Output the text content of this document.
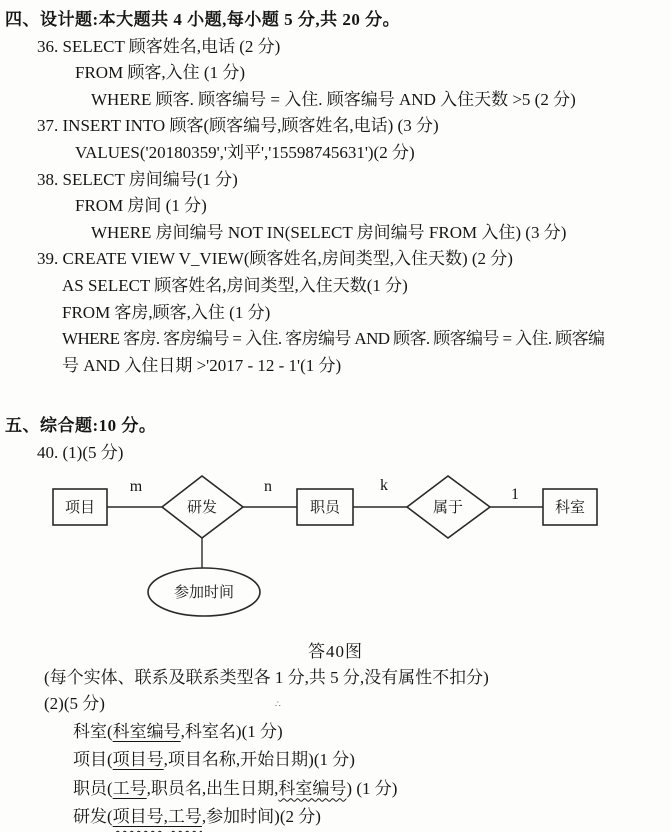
四、设计题:本大题共 4 小题,每小题 5 分,共 20 分。

36. SELECT 顾客姓名,电话 (2 分)

FROM 顾客,入住 (1 分)

WHERE 顾客. 顾客编号 = 入住. 顾客编号 AND 入住天数 >5 (2 分)

37. INSERT INTO 顾客(顾客编号,顾客姓名,电话) (3 分)

VALUES('20180359','刘平','15598745631')(2 分)

38. SELECT 房间编号(1 分)

FROM 房间 (1 分)

WHERE 房间编号 NOT IN(SELECT 房间编号 FROM 入住) (3 分)

39. CREATE VIEW V_VIEW(顾客姓名,房间类型,入住天数) (2 分)

AS SELECT 顾客姓名,房间类型,入住天数(1 分)

FROM 客房,顾客,入住 (1 分)

WHERE 客房. 客房编号 = 入住. 客房编号 AND 顾客. 顾客编号 = 入住. 顾客编

号 AND 入住日期 >'2017 - 12 - 1'(1 分)

五、综合题:10 分。

40. (1)(5 分)

项目	研发	职员	属于	科室
参加时间
m	n	k
1

答40图

(每个实体、联系及联系类型各 1 分,共 5 分,没有属性不扣分)

(2)(5 分)

科室(科室编号,科室名)(1 分)

项目(项目号,项目名称,开始日期)(1 分)

职员(工号,职员名,出生日期,科室编号) (1 分)

研发(项目号,工号,参加时间)(2 分)

∴
